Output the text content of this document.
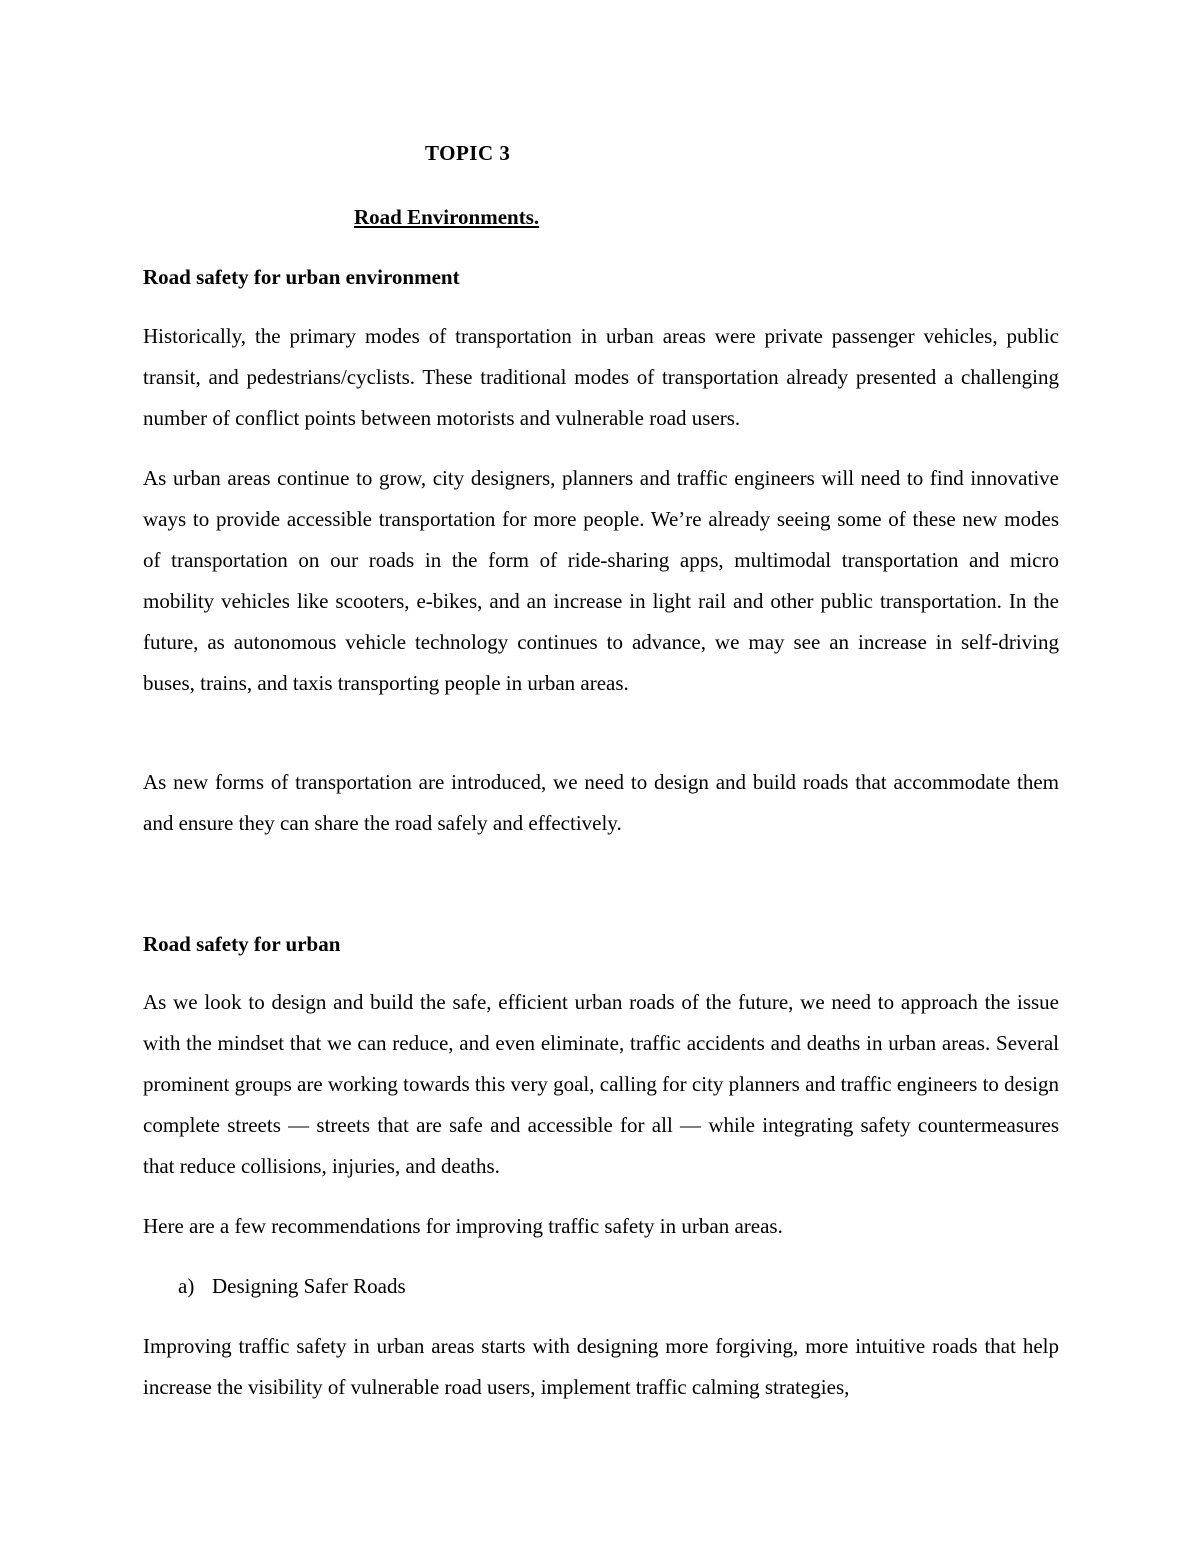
TOPIC 3

Road Environments.

Road safety for urban environment

Historically, the primary modes of transportation in urban areas were private passenger vehicles, public transit, and pedestrians/cyclists. These traditional modes of transportation already presented a challenging number of conflict points between motorists and vulnerable road users.

As urban areas continue to grow, city designers, planners and traffic engineers will need to find innovative ways to provide accessible transportation for more people. We’re already seeing some of these new modes of transportation on our roads in the form of ride-sharing apps, multimodal transportation and micro mobility vehicles like scooters, e-bikes, and an increase in light rail and other public transportation. In the future, as autonomous vehicle technology continues to advance, we may see an increase in self-driving buses, trains, and taxis transporting people in urban areas.

As new forms of transportation are introduced, we need to design and build roads that accommodate them and ensure they can share the road safely and effectively.

Road safety for urban

As we look to design and build the safe, efficient urban roads of the future, we need to approach the issue with the mindset that we can reduce, and even eliminate, traffic accidents and deaths in urban areas. Several prominent groups are working towards this very goal, calling for city planners and traffic engineers to design complete streets — streets that are safe and accessible for all — while integrating safety countermeasures that reduce collisions, injuries, and deaths.

Here are a few recommendations for improving traffic safety in urban areas.

a) Designing Safer Roads

Improving traffic safety in urban areas starts with designing more forgiving, more intuitive roads that help increase the visibility of vulnerable road users, implement traffic calming strategies,
